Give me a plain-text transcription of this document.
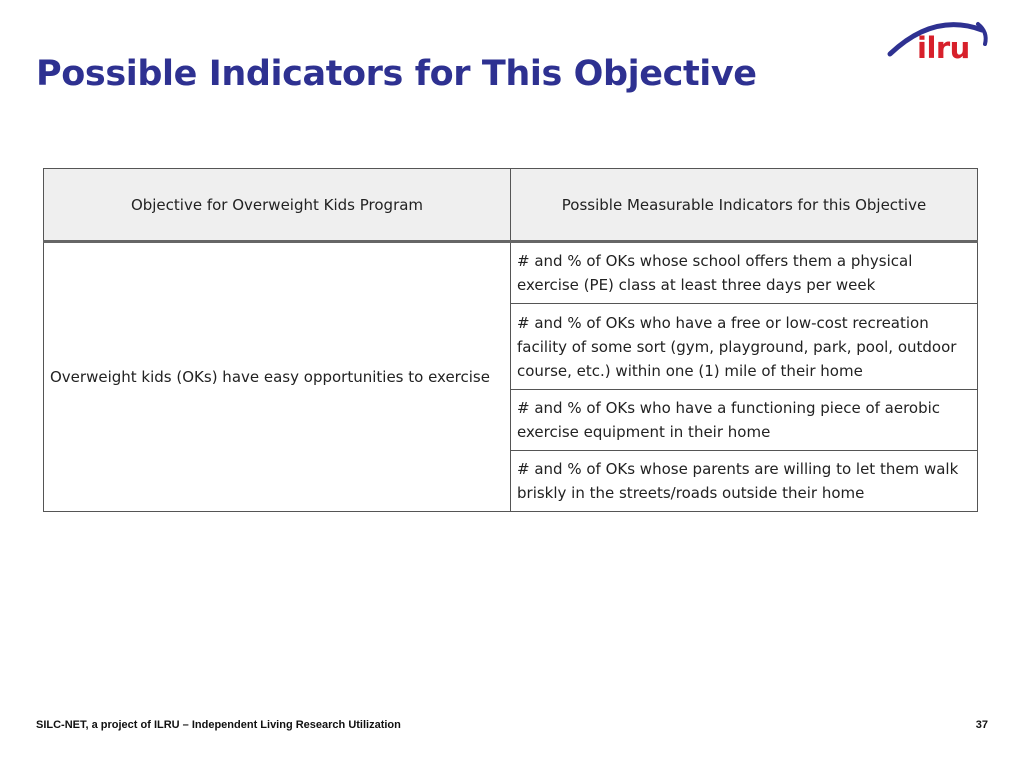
Possible Indicators for This Objective
ilru
Objective for Overweight Kids Program	Possible Measurable Indicators for this Objective
Overweight kids (OKs) have easy opportunities to exercise	# and % of OKs whose school offers them a physical exercise (PE) class at least three days per week
	# and % of OKs who have a free or low-cost recreation facility of some sort (gym, playground, park, pool, outdoor course, etc.) within one (1) mile of their home
	# and % of OKs who have a functioning piece of aerobic exercise equipment in their home
	# and % of OKs whose parents are willing to let them walk briskly in the streets/roads outside their home
SILC-NET, a project of ILRU – Independent Living Research Utilization	37
